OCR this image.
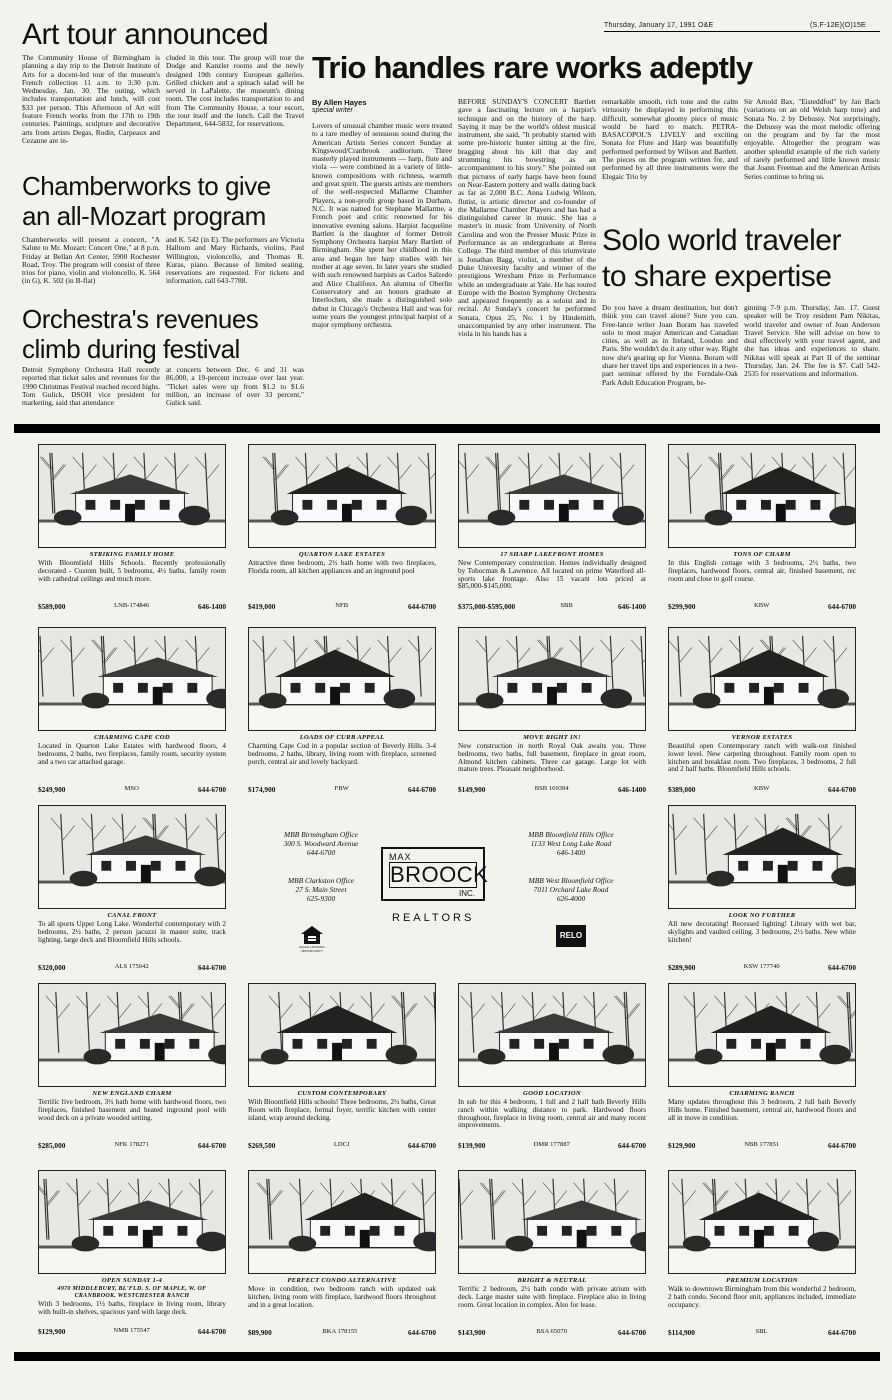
Thursday, January 17, 1991 O&E	(S,F-12E)(O)15E
Art tour announced
The Community House of Birmingham is planning a day trip to the Detroit Institute of Arts for a docent-led tour of the museum's French collection 11 a.m. to 3:30 p.m. Wednesday, Jan. 30. The outing, which includes transportation and lunch, will cost $33 per person. This Afternoon of Art will feature French works from the 17th to 19th centuries. Paintings, sculpture and decorative arts from artists Degas, Rodin, Carpeaux and Cezanne are in-
cluded in this tour. The group will tour the Dodge and Kanzler rooms and the newly designed 19th century European galleries. Grilled chicken and a spinach salad will be served in LaPalette, the museum's dining room. The cost includes transportation to and from The Community House, a tour escort, the tour itself and the lunch. Call the Travel Department, 644-5832, for reservations.
Chamberworks to give
an all-Mozart program
Chamberworks will present a concert, "A Salute to Mr. Mozart: Concert One," at 8 p.m. Friday at Bellan Art Center, 5900 Rochester Road, Troy. The program will consist of three trios for piano, violin and violoncello, K. 564 (in G), K. 502 (in B-flat)
and K. 542 (in E). The performers are Victoria Halltom and Mary Richards, violins, Paul Willington, violoncello, and Thomas R. Kuras, piano. Because of limited seating, reservations are requested. For tickets and information, call 643-7788.
Orchestra's revenues
climb during festival
Detroit Symphony Orchestra Hall recently reported that ticket sales and revenues for the 1990 Christmas Festival reached record highs. Tom Gulick, DSOH vice president for marketing, said that attendance
at concerts between Dec. 6 and 31 was 86,000, a 19-percent increase over last year. "Ticket sales were up from $1.2 to $1.6 million, an increase of over 33 percent," Gulick said.
Trio handles rare works adeptly
By Allen Hayes
special writer
Lovers of unusual chamber music were treated to a rare medley of sensuous sound during the American Artists Series concert Sunday at Kingswood/Cranbrook auditorium. Three masterly played instruments — harp, flute and viola — were combined in a variety of little-known compositions with richness, warmth and great spirit. The guests artists are members of the well-respected Mallarme Chamber Players, a non-profit group based in Durham, N.C. It was named for Stephane Mallarme, a French poet and critic renowned for his innovative evening salons. Harpist Jacqueline Bartlett is the daughter of former Detroit Symphony Orchestra harpist Mary Bartlett of Birmingham. She spent her childhood in this area and began her harp studies with her mother at age seven. In later years she studied with such renowned harpists as Carlos Salzedo and Alice Chalifoux. An alumna of Oberlin Conservatory and an honors graduate at Interlochen, she made a distinguished solo debut in Chicago's Orchestra Hall and was for some years the youngest principal harpist of a major symphony orchestra.
BEFORE SUNDAY'S CONCERT Bartlett gave a fascinating lecture on a harpist's technique and on the history of the harp. Saying it may be the world's oldest musical instrument, she said, "It probably started with some pre-historic hunter sitting at the fire, bragging about his kill that day and strumming his bowstring as an accompaniment to his story." She pointed out that pictures of early harps have been found on Near-Eastern pottery and walls dating back as far as 2,000 B.C. Anna Ludwig Wilson, flutist, is artistic director and co-founder of the Mallarme Chamber Players and has had a distinguished career in music. She has a master's in music from University of North Carolina and won the Presser Music Prize in Performance as an undergraduate at Berea College. The third member of this triumvirate is Jonathan Bagg, violist, a member of the Duke University faculty and winner of the prestigious Wrexham Prize in Performance while an undergraduate at Yale. He has toured Europe with the Boston Symphony Orchestra and appeared frequently as a soloist and in recital. At Sunday's concert he performed Sonata, Opus 25, No. 1 by Hindemith, unaccompanied by any other instrument. The viola in his hands has a
remarkable smooth, rich tone and the calm virtuosity he displayed in performing this difficult, somewhat gloomy piece of music would be hard to match. PETRA-BASACOPOL'S LIVELY and exciting Sonata for Flute and Harp was beautifully performed performed by Wilson and Bartlett. The pieces on the program written for, and performed by all three instruments were the Elegaic Trio by
Sir Arnold Bax, "Eisteddfod" by Jan Bach (variations on an old Welsh harp tune) and Sonata No. 2 by Debussy. Not surprisingly, the Debussy was the most melodic offering on the program and by far the most enjoyable. Altogether the program was another splendid example of the rich variety of rarely performed and little known music that Joann Freeman and the American Artists Series continue to bring us.
Solo world traveler
to share expertise
Do you have a dream destination, but don't think you can travel alone? Sure you can. Free-lance writer Joan Boram has traveled solo to most major American and Canadian cities, as well as in Ireland, London and Paris. She wouldn't do it any other way. Right now she's gearing up for Vienna. Boram will share her travel tips and experiences in a two-part seminar offered by the Ferndale-Oak Park Adult Education Program, be-
ginning 7-9 p.m. Thursday, Jan. 17. Guest speaker will be Troy resident Pam Nikitas, world traveler and owner of Joan Anderson Travel Service. She will advise on how to deal effectively with your travel agent, and she has ideas and experiences to share. Nikitas will speak at Part II of the seminar Thursday, Jan. 24. The fee is $7. Call 542-2535 for reservations and information.
STRIKING FAMILY HOME
With Bloomfield Hills Schools. Recently professionally decorated - Custom built, 5 bedrooms, 4½ baths, family room with cathedral ceilings and much more.
$589,000	LNB-174846	646-1400
QUARTON LAKE ESTATES
Attractive three bedroom, 2½ bath home with two fireplaces, Florida room, all kitchen appliances and an inground pool
$419,000	NFB	644-6700
17 SHARP LAKEFRONT HOMES
New Contemporary construction. Homes individually designed by Tobocman & Lawrence. All located on prime Waterford all-sports lake frontage. Also 15 vacant lots priced at $85,000-$145,000.
$375,000-$595,000	SBB	646-1400
TONS OF CHARM
In this English cottage with 3 bedrooms, 2½ baths, two fireplaces, hardwood floors, central air, finished basement, rec room and close to golf course.
$299,900	KBW	644-6700
CHARMING CAPE COD
Located in Quarton Lake Estates with hardwood floors, 4 bedrooms, 2 baths, two fireplaces, family room, security system and a two car attached garage.
$249,900	MSO	644-6700
LOADS OF CURB APPEAL
Charming Cape Cod in a popular section of Beverly Hills. 3-4 bedrooms, 2 baths, library, living room with fireplace, screened porch, central air and lovely backyard.
$174,900	FBW	644-6700
MOVE RIGHT IN!
New construction in north Royal Oak awaits you. Three bedrooms, two baths, full basement, fireplace in great room, Almond kitchen cabinets. Three car garage. Large lot with mature trees. Pleasant neighborhood.
$149,900	BSB 169394	646-1400
VERNOR ESTATES
Beautiful open Contemporary ranch with walk-out finished lower level. New carpeting throughout. Family room open to kitchen and breakfast room. Two fireplaces, 3 bedrooms, 2 full and 2 half baths. Bloomfield Hills schools.
$389,000	KBW	644-6700
CANAL FRONT
To all sports Upper Long Lake. Wonderful contemporary with 2 bedrooms, 2½ baths, 2 person jacuzzi in master suite, track lighting, large deck and Bloomfield Hills schools.
$320,000	ALS 175042	644-6700
LOOK NO FURTHER
All new decorating! Recessed lighting! Library with wet bar, skylights and vaulted ceiling. 3 bedrooms, 2½ baths. New white kitchen!
$289,900	KSW 177740	644-6700
NEW ENGLAND CHARM
Terrific five bedroom, 3½ bath home with hardwood floors, two fireplaces, finished basement and heated inground pool with wood deck on a private wooded setting.
$285,000	NFK 178271	644-6700
CUSTOM CONTEMPORARY
With Bloomfield Hills schools! Three bedrooms, 2½ baths, Great Room with fireplace, formal foyer, terrific kitchen with center island, wrap around decking.
$269,500	LDCJ	644-6700
GOOD LOCATION
In sub for this 4 bedroom, 1 full and 2 half bath Beverly Hills ranch within walking distance to park. Hardwood floors throughout, fireplace in living room, central air and many recent improvements.
$139,900	DMR 177887	644-6700
CHARMING RANCH
Many updates throughout this 3 bedroom, 2 full bath Beverly Hills home. Finished basement, central air, hardwood floors and all in move in condition.
$129,900	NBB 177851	644-6700
OPEN SUNDAY 1-4
4970 MIDDLEBURY, BL'FLD. S. OF MAPLE, W. OF CRANBROOK. WESTCHESTER RANCH
With 3 bedrooms, 1½ baths, fireplace in living room, library with built-in shelves, spacious yard with large deck.
$129,900	NMB 175547	644-6700
PERFECT CONDO ALTERNATIVE
Move in condition, two bedroom ranch with updated oak kitchen, living room with fireplace, hardwood floors throughout and in a great location.
$89,900	BKA 178155	644-6700
BRIGHT & NEUTRAL
Terrific 2 bedroom, 2½ bath condo with private atrium with deck. Large master suite with fireplace. Fireplace also in living room. Great location in complex. Also for lease.
$143,900	BSA 65070	644-6700
PREMIUM LOCATION
Walk to downtown Birmingham from this wonderful 2 bedroom, 2 bath condo. Second floor unit, appliances included, immediate occupancy.
$114,900	SBL	644-6700
MBB Birmingham Office
300 S. Woodward Avenue
644-6700
MBB Clarkston Office
27 S. Main Street
625-9300
MBB Bloomfield Hills Office
1133 West Long Lake Road
646-1400
MBB West Bloomfield Office
7011 Orchard Lake Road
626-4000
MAX
BROOCK
INC.
REALTORS
EQUAL HOUSING OPPORTUNITY
RELO
